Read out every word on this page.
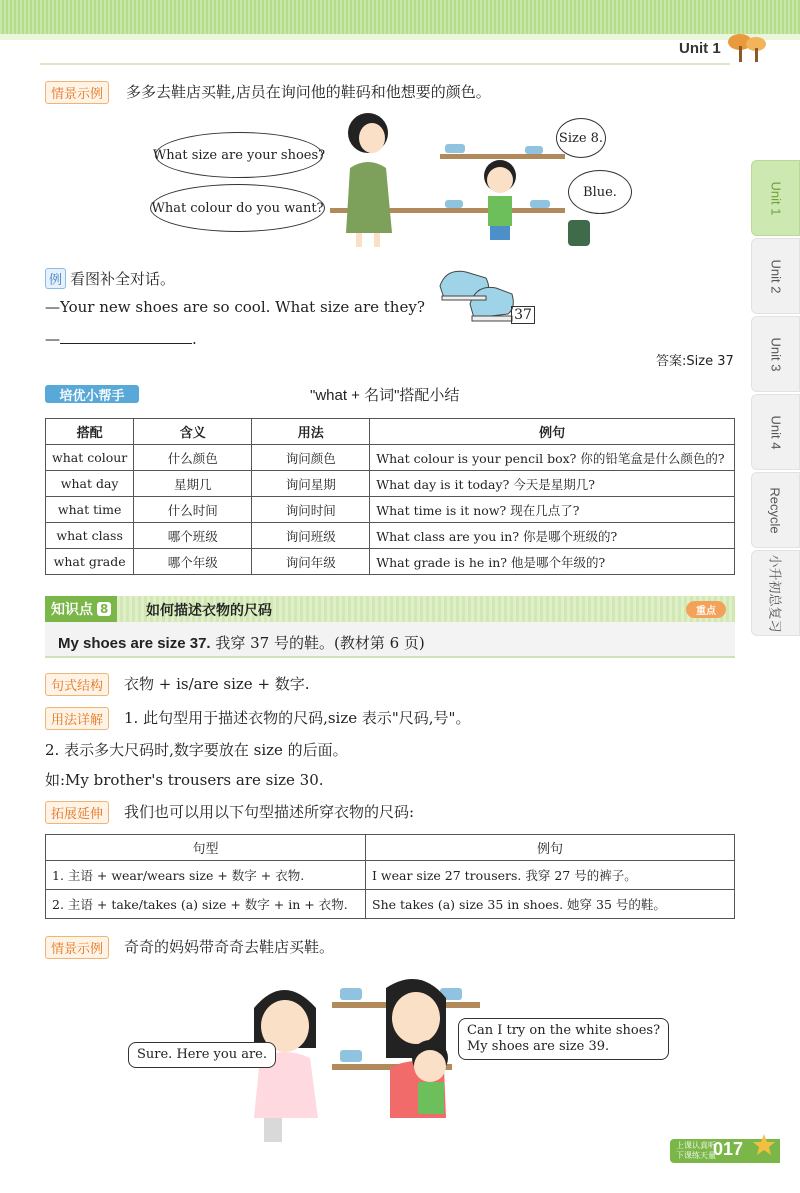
Unit 1
Unit 1
Unit 2
Unit 3
Unit 4
Recycle
小升初总复习
情景示例	多多去鞋店买鞋,店员在询问他的鞋码和他想要的颜色。
What size are your shoes?
What colour do you want?
Size 8.
Blue.
例 看图补全对话。
—Your new shoes are so cool. What size are they?
—	.
37
答案:Size 37
培优小帮手	"what + 名词"搭配小结
搭配	含义	用法	例句
what colour	什么颜色	询问颜色	What colour is your pencil box? 你的铅笔盒是什么颜色的?
what day	星期几	询问星期	What day is it today? 今天是星期几?
what time	什么时间	询问时间	What time is it now? 现在几点了?
what class	哪个班级	询问班级	What class are you in? 你是哪个班级的?
what grade	哪个年级	询问年级	What grade is he in? 他是哪个年级的?
知识点 8	如何描述衣物的尺码	重点
My shoes are size 37. 我穿 37 号的鞋。(教材第 6 页)
句式结构	衣物 + is/are size + 数字.
用法详解	1. 此句型用于描述衣物的尺码,size 表示"尺码,号"。
2. 表示多大尺码时,数字要放在 size 的后面。
如:My brother's trousers are size 30.
拓展延伸	我们也可以用以下句型描述所穿衣物的尺码:
句型	例句
1. 主语 + wear/wears size + 数字 + 衣物.	I wear size 27 trousers. 我穿 27 号的裤子。
2. 主语 + take/takes (a) size + 数字 + in + 衣物.	She takes (a) size 35 in shoes. 她穿 35 号的鞋。
情景示例	奇奇的妈妈带奇奇去鞋店买鞋。
Sure. Here you are.
Can I try on the white shoes?
My shoes are size 39.
上课认真听
下课练天量
017
